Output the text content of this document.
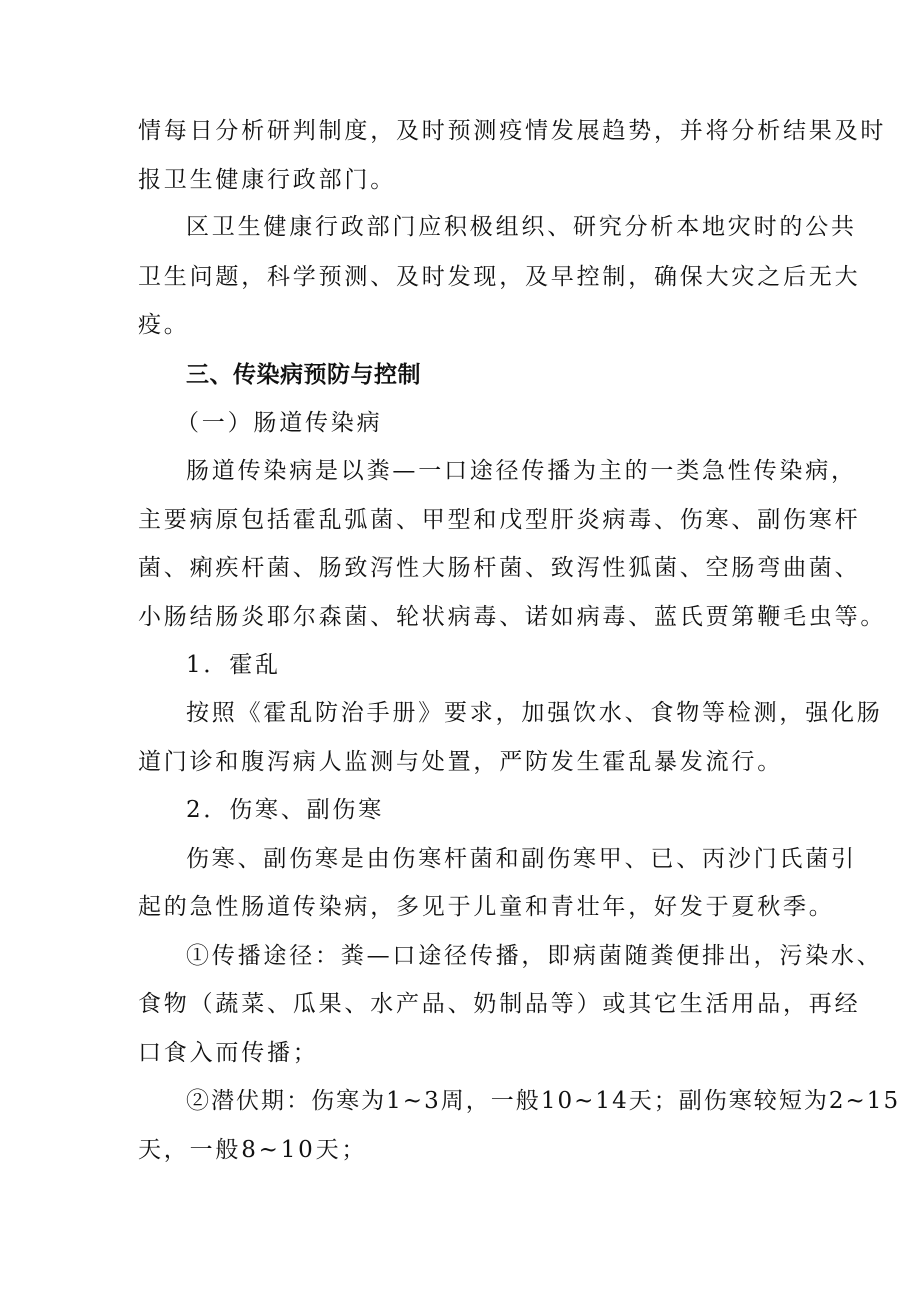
情每日分析研判制度，及时预测疫情发展趋势，并将分析结果及时
报卫生健康行政部门。
区卫生健康行政部门应积极组织、研究分析本地灾时的公共
卫生问题，科学预测、及时发现，及早控制，确保大灾之后无大
疫。
三、传染病预防与控制
（一）肠道传染病
肠道传染病是以粪—一口途径传播为主的一类急性传染病，
主要病原包括霍乱弧菌、甲型和戊型肝炎病毒、伤寒、副伤寒杆
菌、痢疾杆菌、肠致泻性大肠杆菌、致泻性狐菌、空肠弯曲菌、
小肠结肠炎耶尔森菌、轮状病毒、诺如病毒、蓝氏贾第鞭毛虫等。
1．霍乱
按照《霍乱防治手册》要求，加强饮水、食物等检测，强化肠
道门诊和腹泻病人监测与处置，严防发生霍乱暴发流行。
2．伤寒、副伤寒
伤寒、副伤寒是由伤寒杆菌和副伤寒甲、已、丙沙门氏菌引
起的急性肠道传染病，多见于儿童和青壮年，好发于夏秋季。
①传播途径：粪—口途径传播，即病菌随粪便排出，污染水、
食物（蔬菜、瓜果、水产品、奶制品等）或其它生活用品，再经
口食入而传播；
②潜伏期：伤寒为1~3周，一般10~14天；副伤寒较短为2~15
天，一般8~10天；
